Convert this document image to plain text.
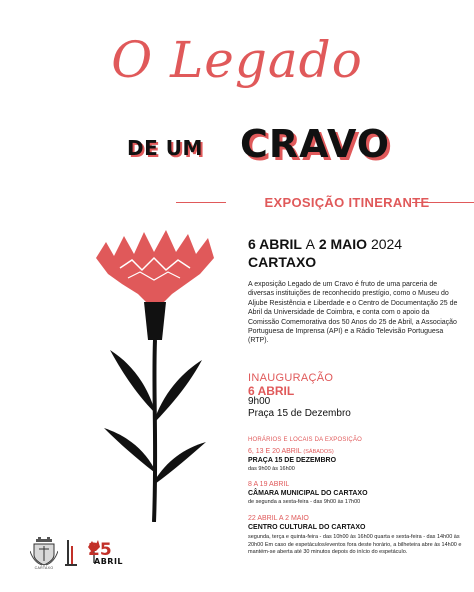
O Legado
DE UM CRAVO
EXPOSIÇÃO ITINERANTE
6 ABRIL A 2 MAIO 2024
CARTAXO
A exposição Legado de um Cravo é fruto de uma parceria de diversas instituições de reconhecido prestígio, como o Museu do Aljube Resistência e Liberdade e o Centro de Documentação 25 de Abril da Universidade de Coimbra, e conta com o apoio da Comissão Comemorativa dos 50 Anos do 25 de Abril, a Associação Portuguesa de Imprensa (API) e a Rádio Televisão Portuguesa (RTP).
INAUGURAÇÃO
6 ABRIL
9h00
Praça 15 de Dezembro
HORÁRIOS E LOCAIS DA EXPOSIÇÃO
6, 13 E 20 ABRIL (SÁBADOS)
PRAÇA 15 DE DEZEMBRO
das 9h00 às 16h00
8 A 19 ABRIL
CÂMARA MUNICIPAL DO CARTAXO
de segunda a sexta-feira - das 9h00 às 17h00
22 ABRIL A 2 MAIO
CENTRO CULTURAL DO CARTAXO
segunda, terça e quinta-feira - das 10h00 às 16h00 quarta e sexta-feira - das 14h00 às 20h00 Em caso de espetáculos/eventos fora deste horário, a bilheteira abre às 14h00 e mantém-se aberta até 30 minutos depois do início do espetáculo.
CARTAXO
25
ABRIL
